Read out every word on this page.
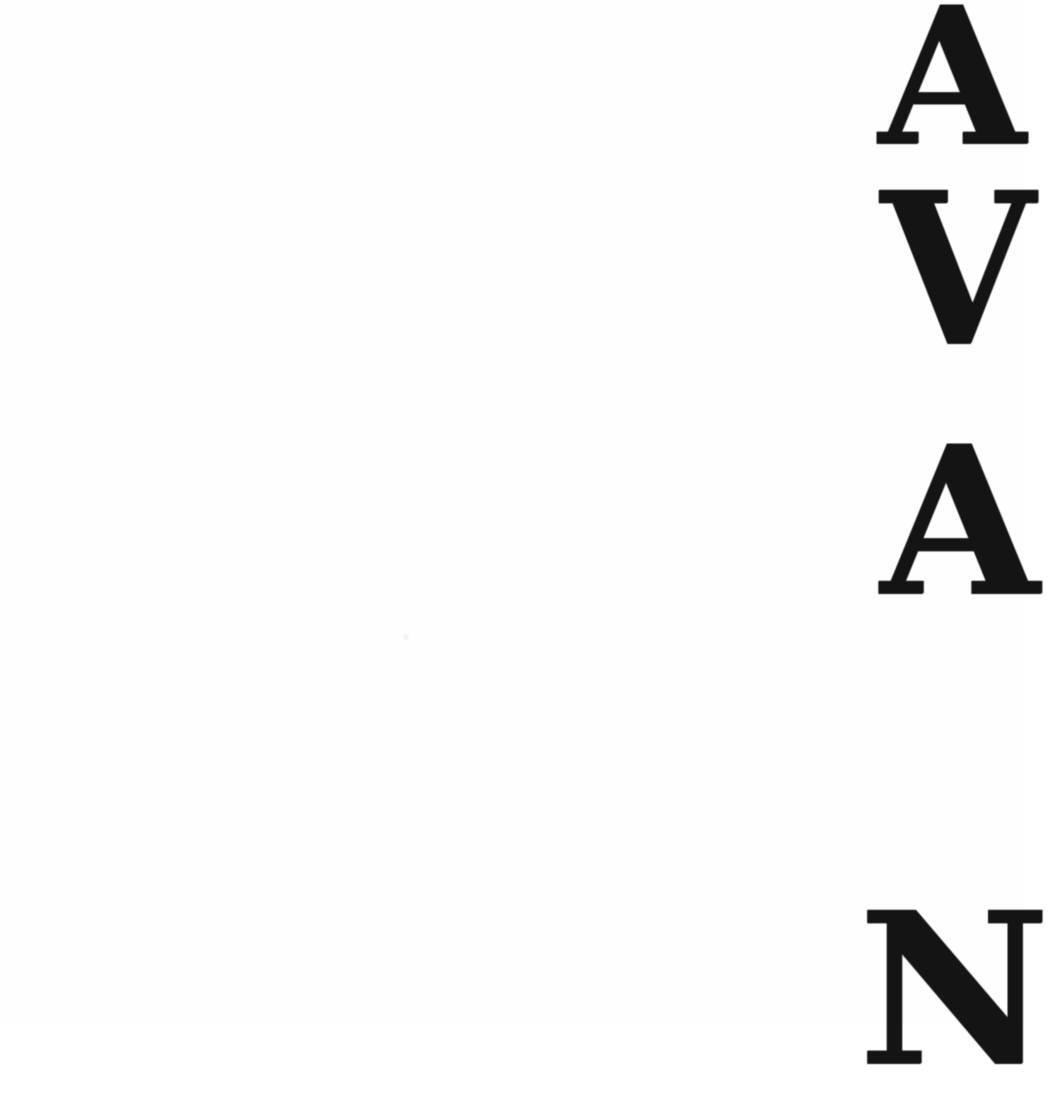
A
V
A
N
